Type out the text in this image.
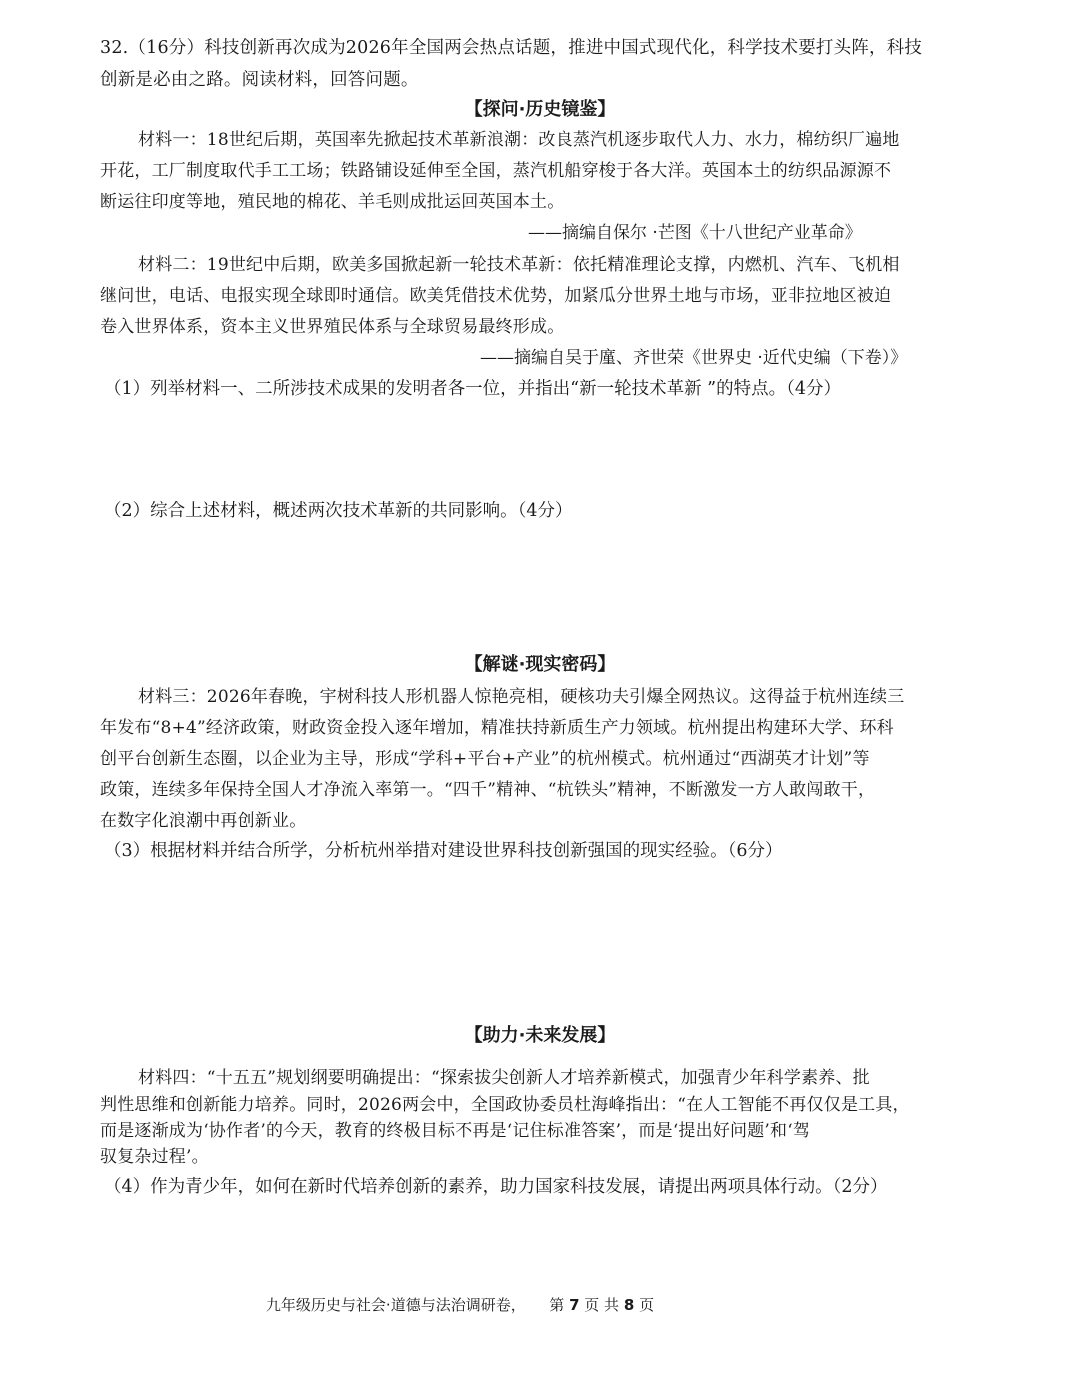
32.（16分）科技创新再次成为2026年全国两会热点话题，推进中国式现代化，科学技术要打头阵，科技
创新是必由之路。阅读材料，回答问题。
【探问·历史镜鉴】
材料一：18世纪后期，英国率先掀起技术革新浪潮：改良蒸汽机逐步取代人力、水力，棉纺织厂遍地
开花，工厂制度取代手工工场；铁路铺设延伸至全国，蒸汽机船穿梭于各大洋。英国本土的纺织品源源不
断运往印度等地，殖民地的棉花、羊毛则成批运回英国本土。
——摘编自保尔 ·芒图《十八世纪产业革命》
材料二：19世纪中后期，欧美多国掀起新一轮技术革新：依托精准理论支撑，内燃机、汽车、飞机相
继问世，电话、电报实现全球即时通信。欧美凭借技术优势，加紧瓜分世界土地与市场，亚非拉地区被迫
卷入世界体系，资本主义世界殖民体系与全球贸易最终形成。
——摘编自吴于廑、齐世荣《世界史 ·近代史编（下卷）》
（1）列举材料一、二所涉技术成果的发明者各一位，并指出“新一轮技术革新 ”的特点。（4分）
（2）综合上述材料，概述两次技术革新的共同影响。（4分）
【解谜·现实密码】
材料三：2026年春晚，宇树科技人形机器人惊艳亮相，硬核功夫引爆全网热议。这得益于杭州连续三
年发布“8+4”经济政策，财政资金投入逐年增加，精准扶持新质生产力领域。杭州提出构建环大学、环科
创平台创新生态圈，以企业为主导，形成“学科+平台+产业”的杭州模式。杭州通过“西湖英才计划”等
政策，连续多年保持全国人才净流入率第一。“四千”精神、“杭铁头”精神，不断激发一方人敢闯敢干，
在数字化浪潮中再创新业。
（3）根据材料并结合所学，分析杭州举措对建设世界科技创新强国的现实经验。（6分）
【助力·未来发展】
材料四：“十五五”规划纲要明确提出：“探索拔尖创新人才培养新模式，加强青少年科学素养、批
判性思维和创新能力培养。同时，2026两会中，全国政协委员杜海峰指出：“在人工智能不再仅仅是工具，
而是逐渐成为‘协作者’的今天，教育的终极目标不再是‘记住标准答案’，而是‘提出好问题’和‘驾
驭复杂过程’。
（4）作为青少年，如何在新时代培养创新的素养，助力国家科技发展，请提出两项具体行动。（2分）
九年级历史与社会·道德与法治调研卷， 第 7 页 共 8 页
